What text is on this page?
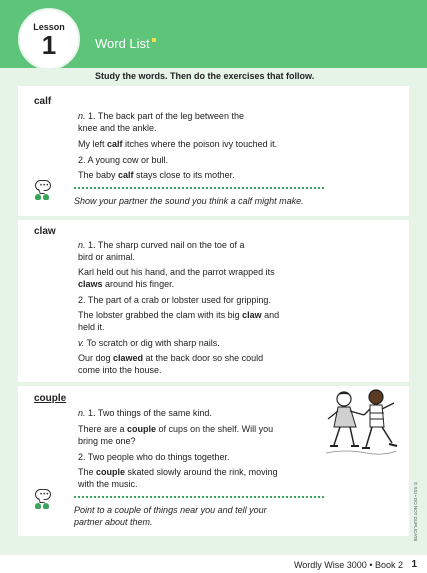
Lesson
1	Word List
Study the words. Then do the exercises that follow.
calf
n. 1. The back part of the leg between the
knee and the ankle.
My left calf itches where the poison ivy touched it.
2. A young cow or bull.
The baby calf stays close to its mother.
•••
Show your partner the sound you think a calf might make.
claw
n. 1. The sharp curved nail on the toe of a
bird or animal.
Karl held out his hand, and the parrot wrapped its
claws around his finger.
2. The part of a crab or lobster used for gripping.
The lobster grabbed the clam with its big claw and
held it.
v. To scratch or dig with sharp nails.
Our dog clawed at the back door so she could
come into the house.
couple
n. 1. Two things of the same kind.
There are a couple of cups on the shelf. Will you
bring me one?
2. Two people who do things together.
The couple skated slowly around the rink, moving
with the music.
•••
Point to a couple of things near you and tell your
partner about them.	© SSI • DO NOT DUPLICATE
Wordly Wise 3000 • Book 2 1
